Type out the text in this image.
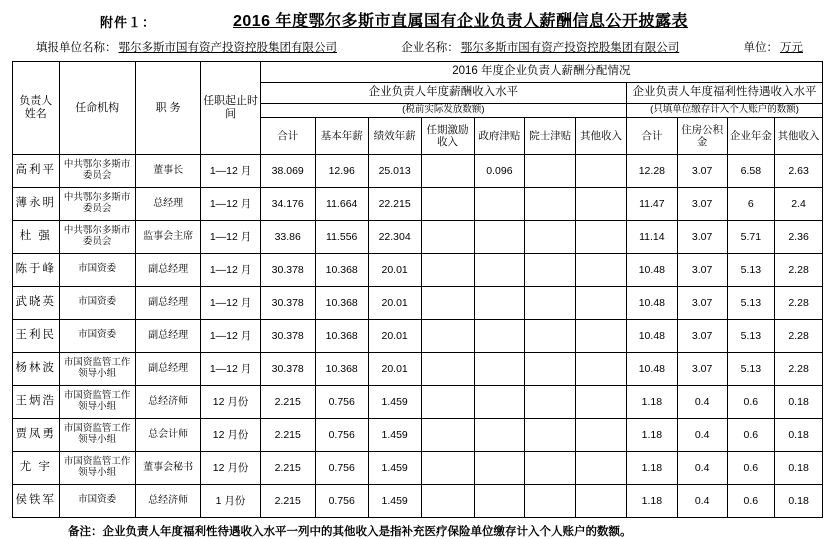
附件１：	2016 年度鄂尔多斯市直属国有企业负责人薪酬信息公开披露表
填报单位名称： 鄂尔多斯市国有资产投资控股集团有限公司	企业名称： 鄂尔多斯市国有资产投资控股集团有限公司	单位： 万元
负责人姓名	任命机构	职 务	任职起止时间	2016 年度企业负责人薪酬分配情况										
				企业负责人年度薪酬收入水平							企业负责人年度福利性待遇收入水平			
				(税前实际发放数额)							(只填单位缴存计入个人账户的数额)			
				合计	基本年薪	绩效年薪	任期激励收入	政府津贴	院士津贴	其他收入	合计	住房公积金	企业年金	其他收入
高利平	中共鄂尔多斯市委员会	董事长	1—12 月	38.069	12.96	25.013		0.096			12.28	3.07	6.58	2.63
薄永明	中共鄂尔多斯市委员会	总经理	1—12 月	34.176	11.664	22.215					11.47	3.07	6	2.4
杜 强	中共鄂尔多斯市委员会	监事会主席	1—12 月	33.86	11.556	22.304					11.14	3.07	5.71	2.36
陈于峰	市国资委	副总经理	1—12 月	30.378	10.368	20.01					10.48	3.07	5.13	2.28
武晓英	市国资委	副总经理	1—12 月	30.378	10.368	20.01					10.48	3.07	5.13	2.28
王利民	市国资委	副总经理	1—12 月	30.378	10.368	20.01					10.48	3.07	5.13	2.28
杨林波	市国资监管工作领导小组	副总经理	1—12 月	30.378	10.368	20.01					10.48	3.07	5.13	2.28
王炳浩	市国资监管工作领导小组	总经济师	12 月份	2.215	0.756	1.459					1.18	0.4	0.6	0.18
贾凤勇	市国资监管工作领导小组	总会计师	12 月份	2.215	0.756	1.459					1.18	0.4	0.6	0.18
尤 宇	市国资监管工作领导小组	董事会秘书	12 月份	2.215	0.756	1.459					1.18	0.4	0.6	0.18
侯铁军	市国资委	总经济师	1 月份	2.215	0.756	1.459					1.18	0.4	0.6	0.18
备注：企业负责人年度福利性待遇收入水平一列中的其他收入是指补充医疗保险单位缴存计入个人账户的数额。
